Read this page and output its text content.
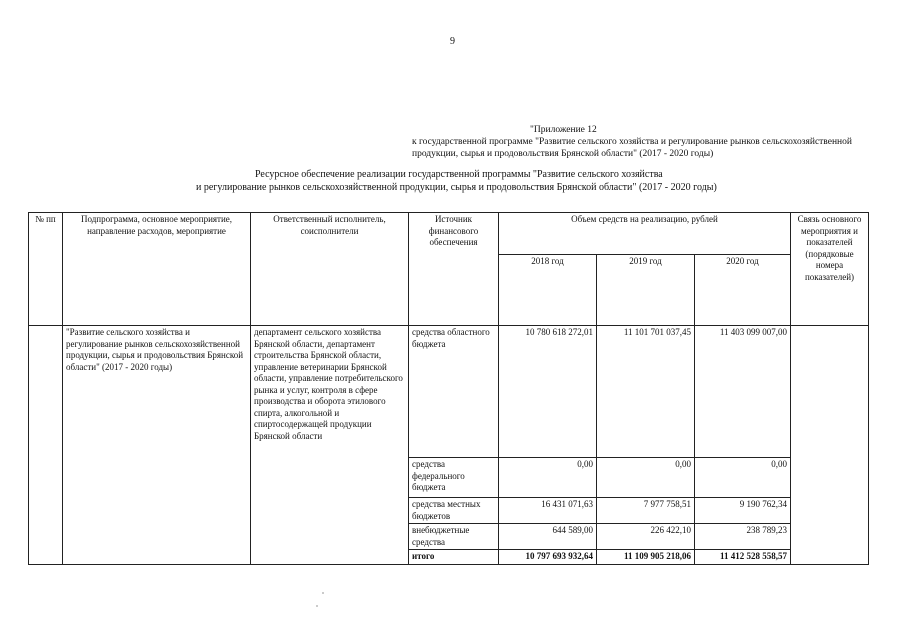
9
"Приложение 12
к государственной программе "Развитие сельского хозяйства и регулирование рынков сельскохозяйственной
продукции, сырья и продовольствия Брянской области" (2017 - 2020 годы)
Ресурсное обеспечение реализации государственной программы "Развитие сельского хозяйства
и регулирование рынков сельскохозяйственной продукции, сырья и продовольствия Брянской области" (2017 - 2020 годы)
№ пп	Подпрограмма, основное мероприятие, направление расходов, мероприятие	Ответственный исполнитель, соисполнители	Источник финансового обеспечения	Объем средств на реализацию, рублей			Связь основного мероприятия и показателей (порядковые номера показателей)
				2018 год	2019 год	2020 год	
	"Развитие сельского хозяйства и регулирование рынков сельскохозяйственной продукции, сырья и продовольствия Брянской области" (2017 - 2020 годы)	департамент сельского хозяйства Брянской области, департамент строительства Брянской области, управление ветеринарии Брянской области, управление потребительского рынка и услуг, контроля в сфере производства и оборота этилового спирта, алкогольной и спиртосодержащей продукции Брянской области	средства областного бюджета	10 780 618 272,01	11 101 701 037,45	11 403 099 007,00	
			средства федерального бюджета	0,00	0,00	0,00	
			средства местных бюджетов	16 431 071,63	7 977 758,51	9 190 762,34	
			внебюджетные средства	644 589,00	226 422,10	238 789,23	
			итого	10 797 693 932,64	11 109 905 218,06	11 412 528 558,57	
